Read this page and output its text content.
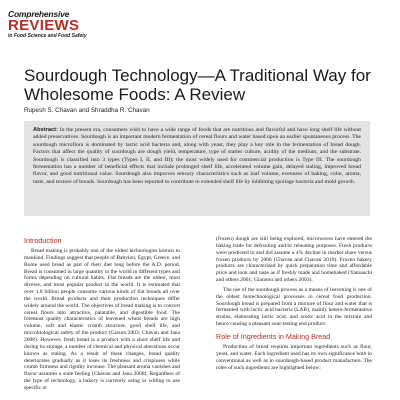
Comprehensive
REVIEWS
in Food Science and Food Safety
Sourdough Technology—A Traditional Way for Wholesome Foods: A Review
Rupesh S. Chavan and Shraddha R. Chavan
Abstract: In the present era, consumers wish to have a wide range of foods that are nutritious and flavorful and have long shelf life without added preservatives. Sourdough is an important modern fermentation of cereal flours and water based upon an earlier spontaneous process. The sourdough microflora is dominated by lactic acid bacteria and, along with yeast, they play a key role in the fermentation of bread dough. Factors that affect the quality of sourdough are dough yield, temperature, type of starter culture, acidity of the medium, and the substrate. Sourdough is classified into 3 types (Types I, II, and III); the most widely used for commercial production is Type III. The sourdough fermentation has a number of beneficial effects that include prolonged shelf life, accelerated volume gain, delayed staling, improved bread flavor, and good nutritional value. Sourdough also improves sensory characteristics such as loaf volume, evenness of baking, color, aroma, taste, and texture of breads. Sourdough has been reported to contribute to extended shelf life by inhibiting spoilage bacteria and mold growth.
Introduction

Bread making is probably one of the oldest technologies known to mankind. Findings suggest that people of Babylon, Egypt, Greece, and Rome used bread as part of their diet long before the A.D. period. Bread is consumed in large quantity in the world in different types and forms depending on cultural habits. Flat breads are the oldest, most diverse, and most popular product in the world. It is estimated that over 1.8 billion people consume various kinds of flat breads all over the world. Bread products and their production techniques differ widely around the world. The objectives of bread making is to convert cereal flours into attractive, palatable, and digestible food. The foremost quality characteristics of leavened wheat breads are high volume, soft and elastic crumb structure, good shelf life, and microbiological safety of the product (Carson 2003; Chavan and Jana 2008). However, fresh bread is a product with a short shelf life and during its storage, a number of chemical and physical alterations occur known as staling. As a result of these changes, bread quality deteriorates gradually as it loses its freshness and crispiness while crumb firmness and rigidity increase. The pleasant aroma vanishes and flavor assumes a stale feeling (Chavan and Jana 2008). Regardless of the type of technology, a bakery is currently using or willing to use specific or

(frozen) dough are still being explored, microwaves have entered the baking trade for defrosting and/or reheating purposes. Fresh products were predicted to and did assume a 4% decline in market share versus frozen products by 2006 (Chavan and Chavan 2010). Frozen bakery products are characterized by quick preparation time and affordable price and look and taste as if freshly made and homebaked (Yamauchi and others 2001; Giannou and others 2003).

The use of the sourdough process as a means of leavening is one of the oldest biotechnological processes in cereal food production. Sourdough bread is prepared from a mixture of flour and water that is fermented with lactic acid bacteria (LAB), mainly hetero-fermentative strains, elaborating lactic acid, and acetic acid in the mixture and hence causing a pleasant sour-tasting end product.

Role of Ingredients in Making Bread

Production of bread requires important ingredients such as flour, yeast, and water. Each ingredient used has its own significance both in conventional as well as in sourdough-based product manufacture. The roles of such ingredients are highlighted below:
